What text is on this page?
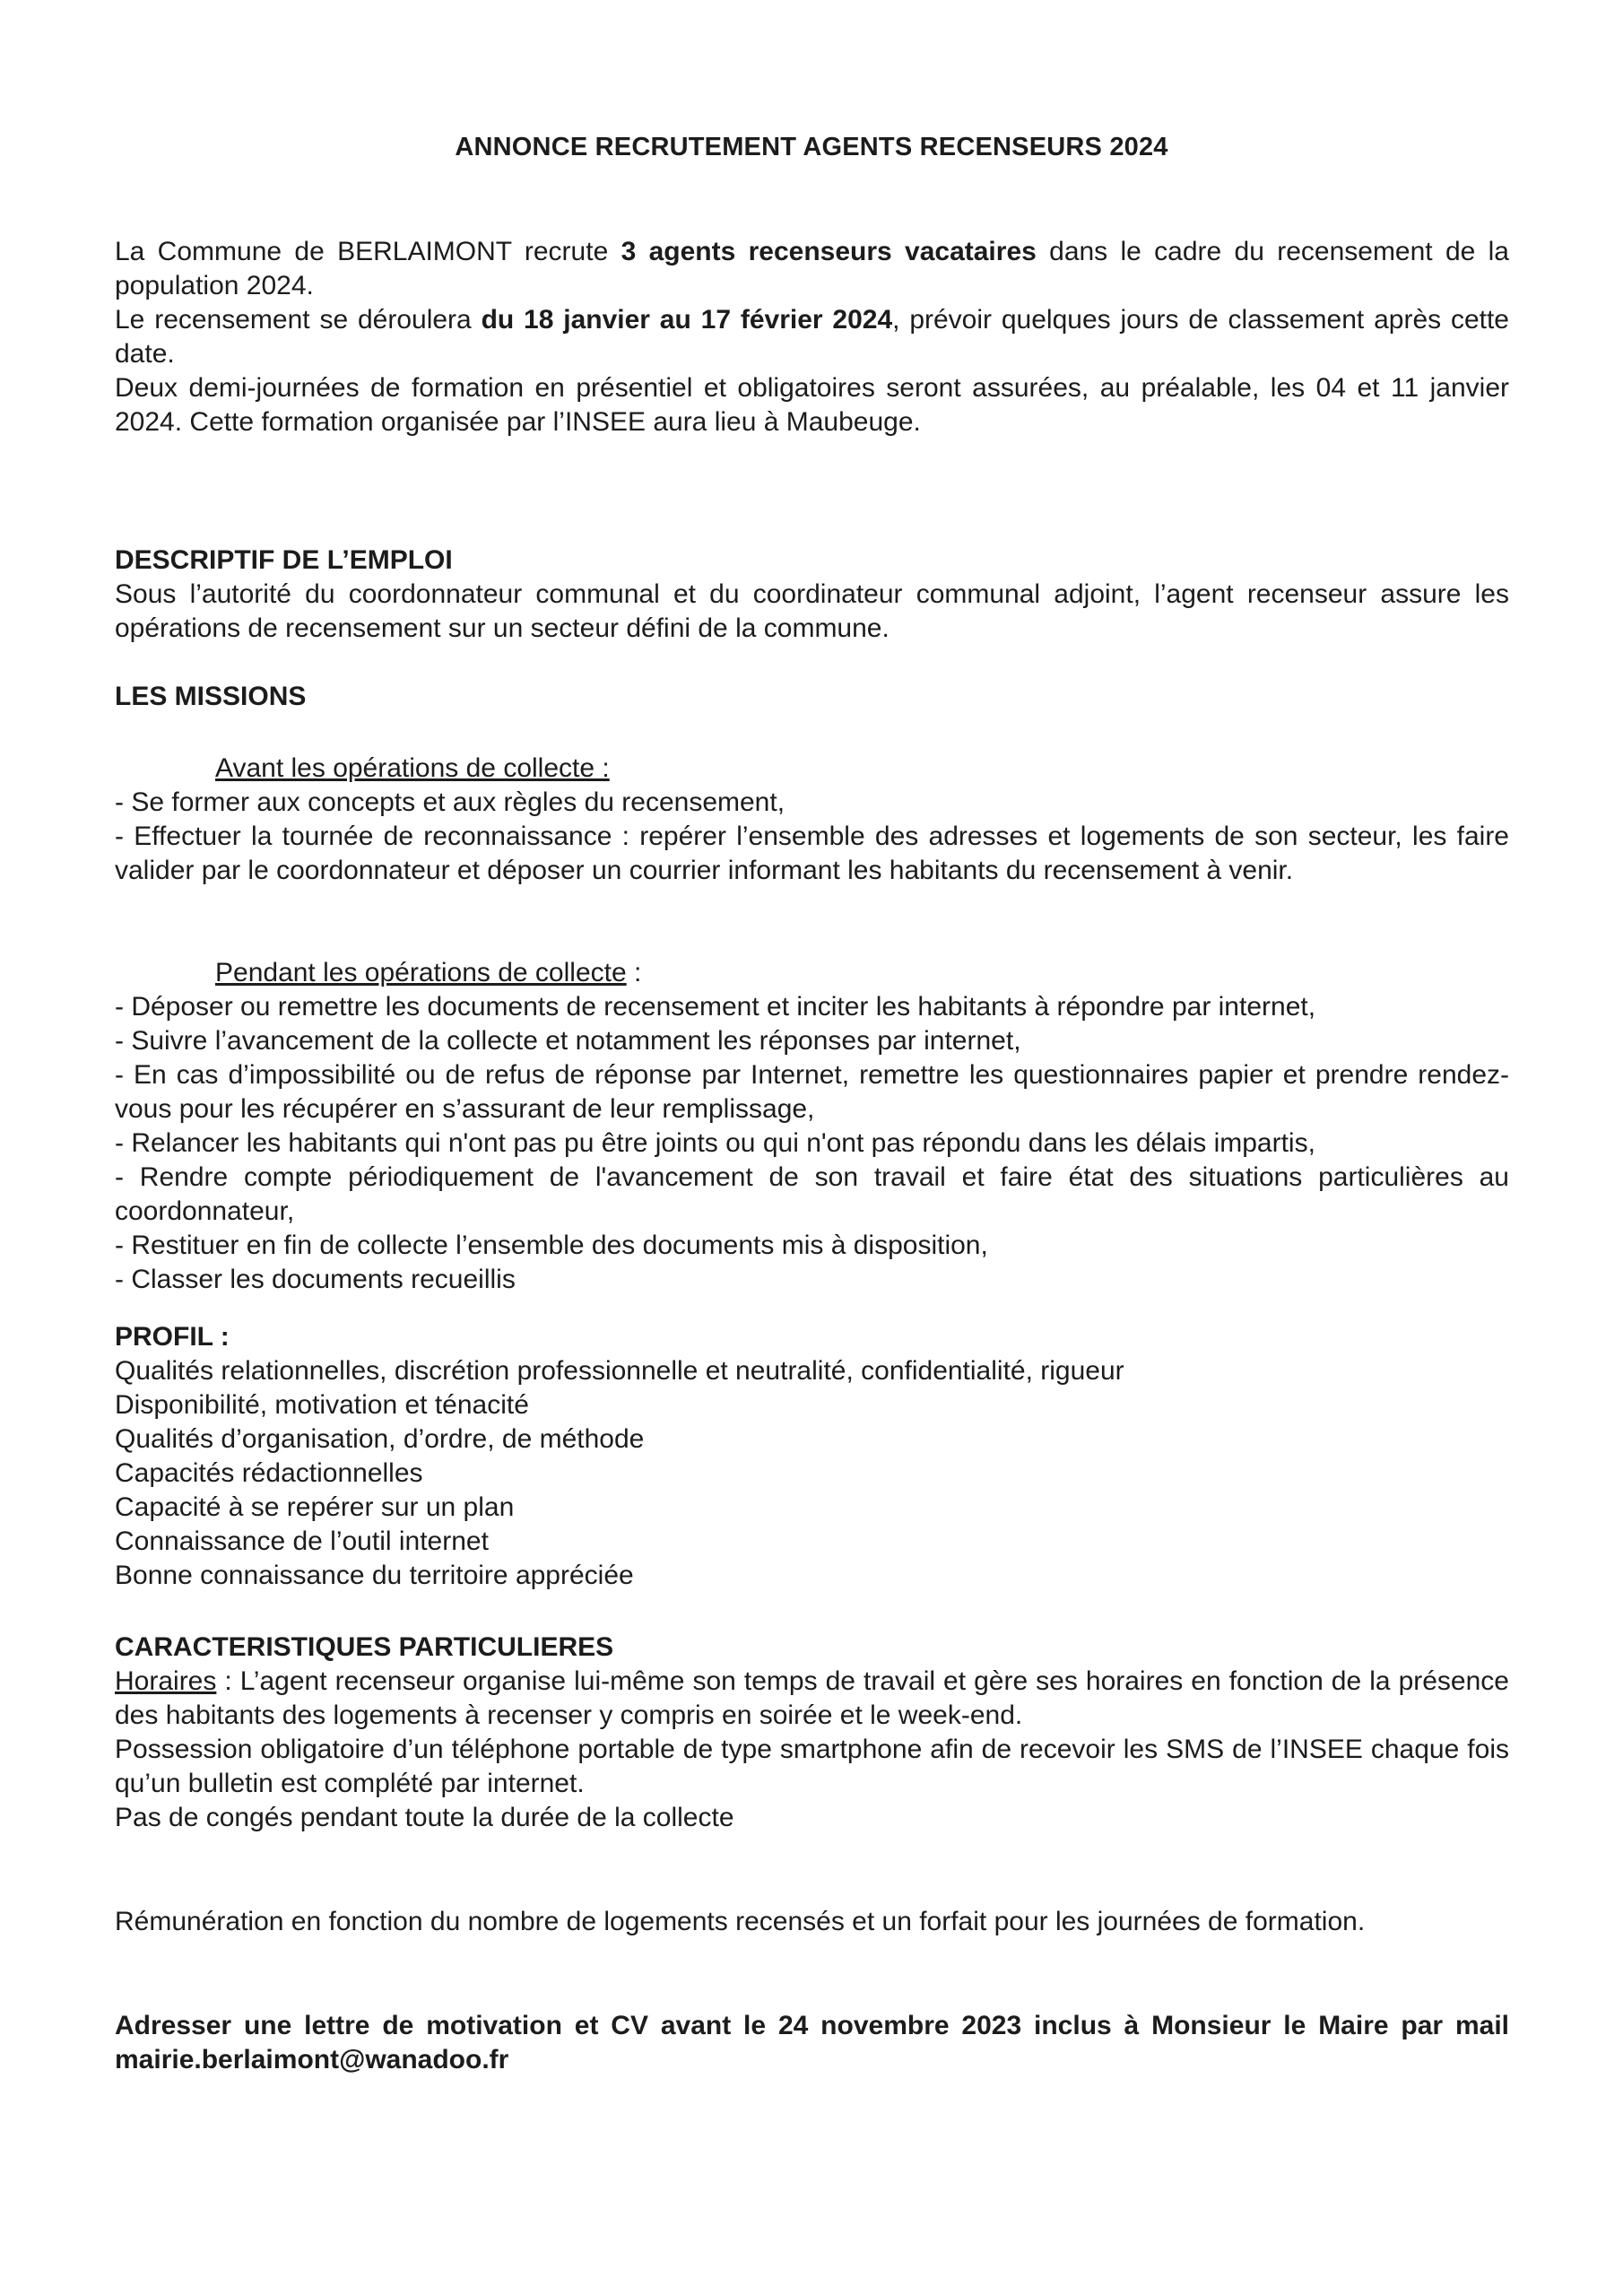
ANNONCE RECRUTEMENT AGENTS RECENSEURS 2024

La Commune de BERLAIMONT recrute 3 agents recenseurs vacataires dans le cadre du recensement de la population 2024.

Le recensement se déroulera du 18 janvier au 17 février 2024, prévoir quelques jours de classement après cette date.

Deux demi-journées de formation en présentiel et obligatoires seront assurées, au préalable, les 04 et 11 janvier 2024. Cette formation organisée par l’INSEE aura lieu à Maubeuge.

DESCRIPTIF DE L’EMPLOI

Sous l’autorité du coordonnateur communal et du coordinateur communal adjoint, l’agent recenseur assure les opérations de recensement sur un secteur défini de la commune.

LES MISSIONS

Avant les opérations de collecte :

- Se former aux concepts et aux règles du recensement,

- Effectuer la tournée de reconnaissance : repérer l’ensemble des adresses et logements de son secteur, les faire valider par le coordonnateur et déposer un courrier informant les habitants du recensement à venir.

Pendant les opérations de collecte :

- Déposer ou remettre les documents de recensement et inciter les habitants à répondre par internet,

- Suivre l’avancement de la collecte et notamment les réponses par internet,

- En cas d’impossibilité ou de refus de réponse par Internet, remettre les questionnaires papier et prendre rendez-vous pour les récupérer en s’assurant de leur remplissage,

- Relancer les habitants qui n'ont pas pu être joints ou qui n'ont pas répondu dans les délais impartis,

- Rendre compte périodiquement de l'avancement de son travail et faire état des situations particulières au coordonnateur,

- Restituer en fin de collecte l’ensemble des documents mis à disposition,

- Classer les documents recueillis

PROFIL :

Qualités relationnelles, discrétion professionnelle et neutralité, confidentialité, rigueur

Disponibilité, motivation et ténacité

Qualités d’organisation, d’ordre, de méthode

Capacités rédactionnelles

Capacité à se repérer sur un plan

Connaissance de l’outil internet

Bonne connaissance du territoire appréciée

CARACTERISTIQUES PARTICULIERES

Horaires : L’agent recenseur organise lui-même son temps de travail et gère ses horaires en fonction de la présence des habitants des logements à recenser y compris en soirée et le week-end.

Possession obligatoire d’un téléphone portable de type smartphone afin de recevoir les SMS de l’INSEE chaque fois qu’un bulletin est complété par internet.

Pas de congés pendant toute la durée de la collecte

Rémunération en fonction du nombre de logements recensés et un forfait pour les journées de formation.

Adresser une lettre de motivation et CV avant le 24 novembre 2023 inclus à Monsieur le Maire par mail mairie.berlaimont@wanadoo.fr
